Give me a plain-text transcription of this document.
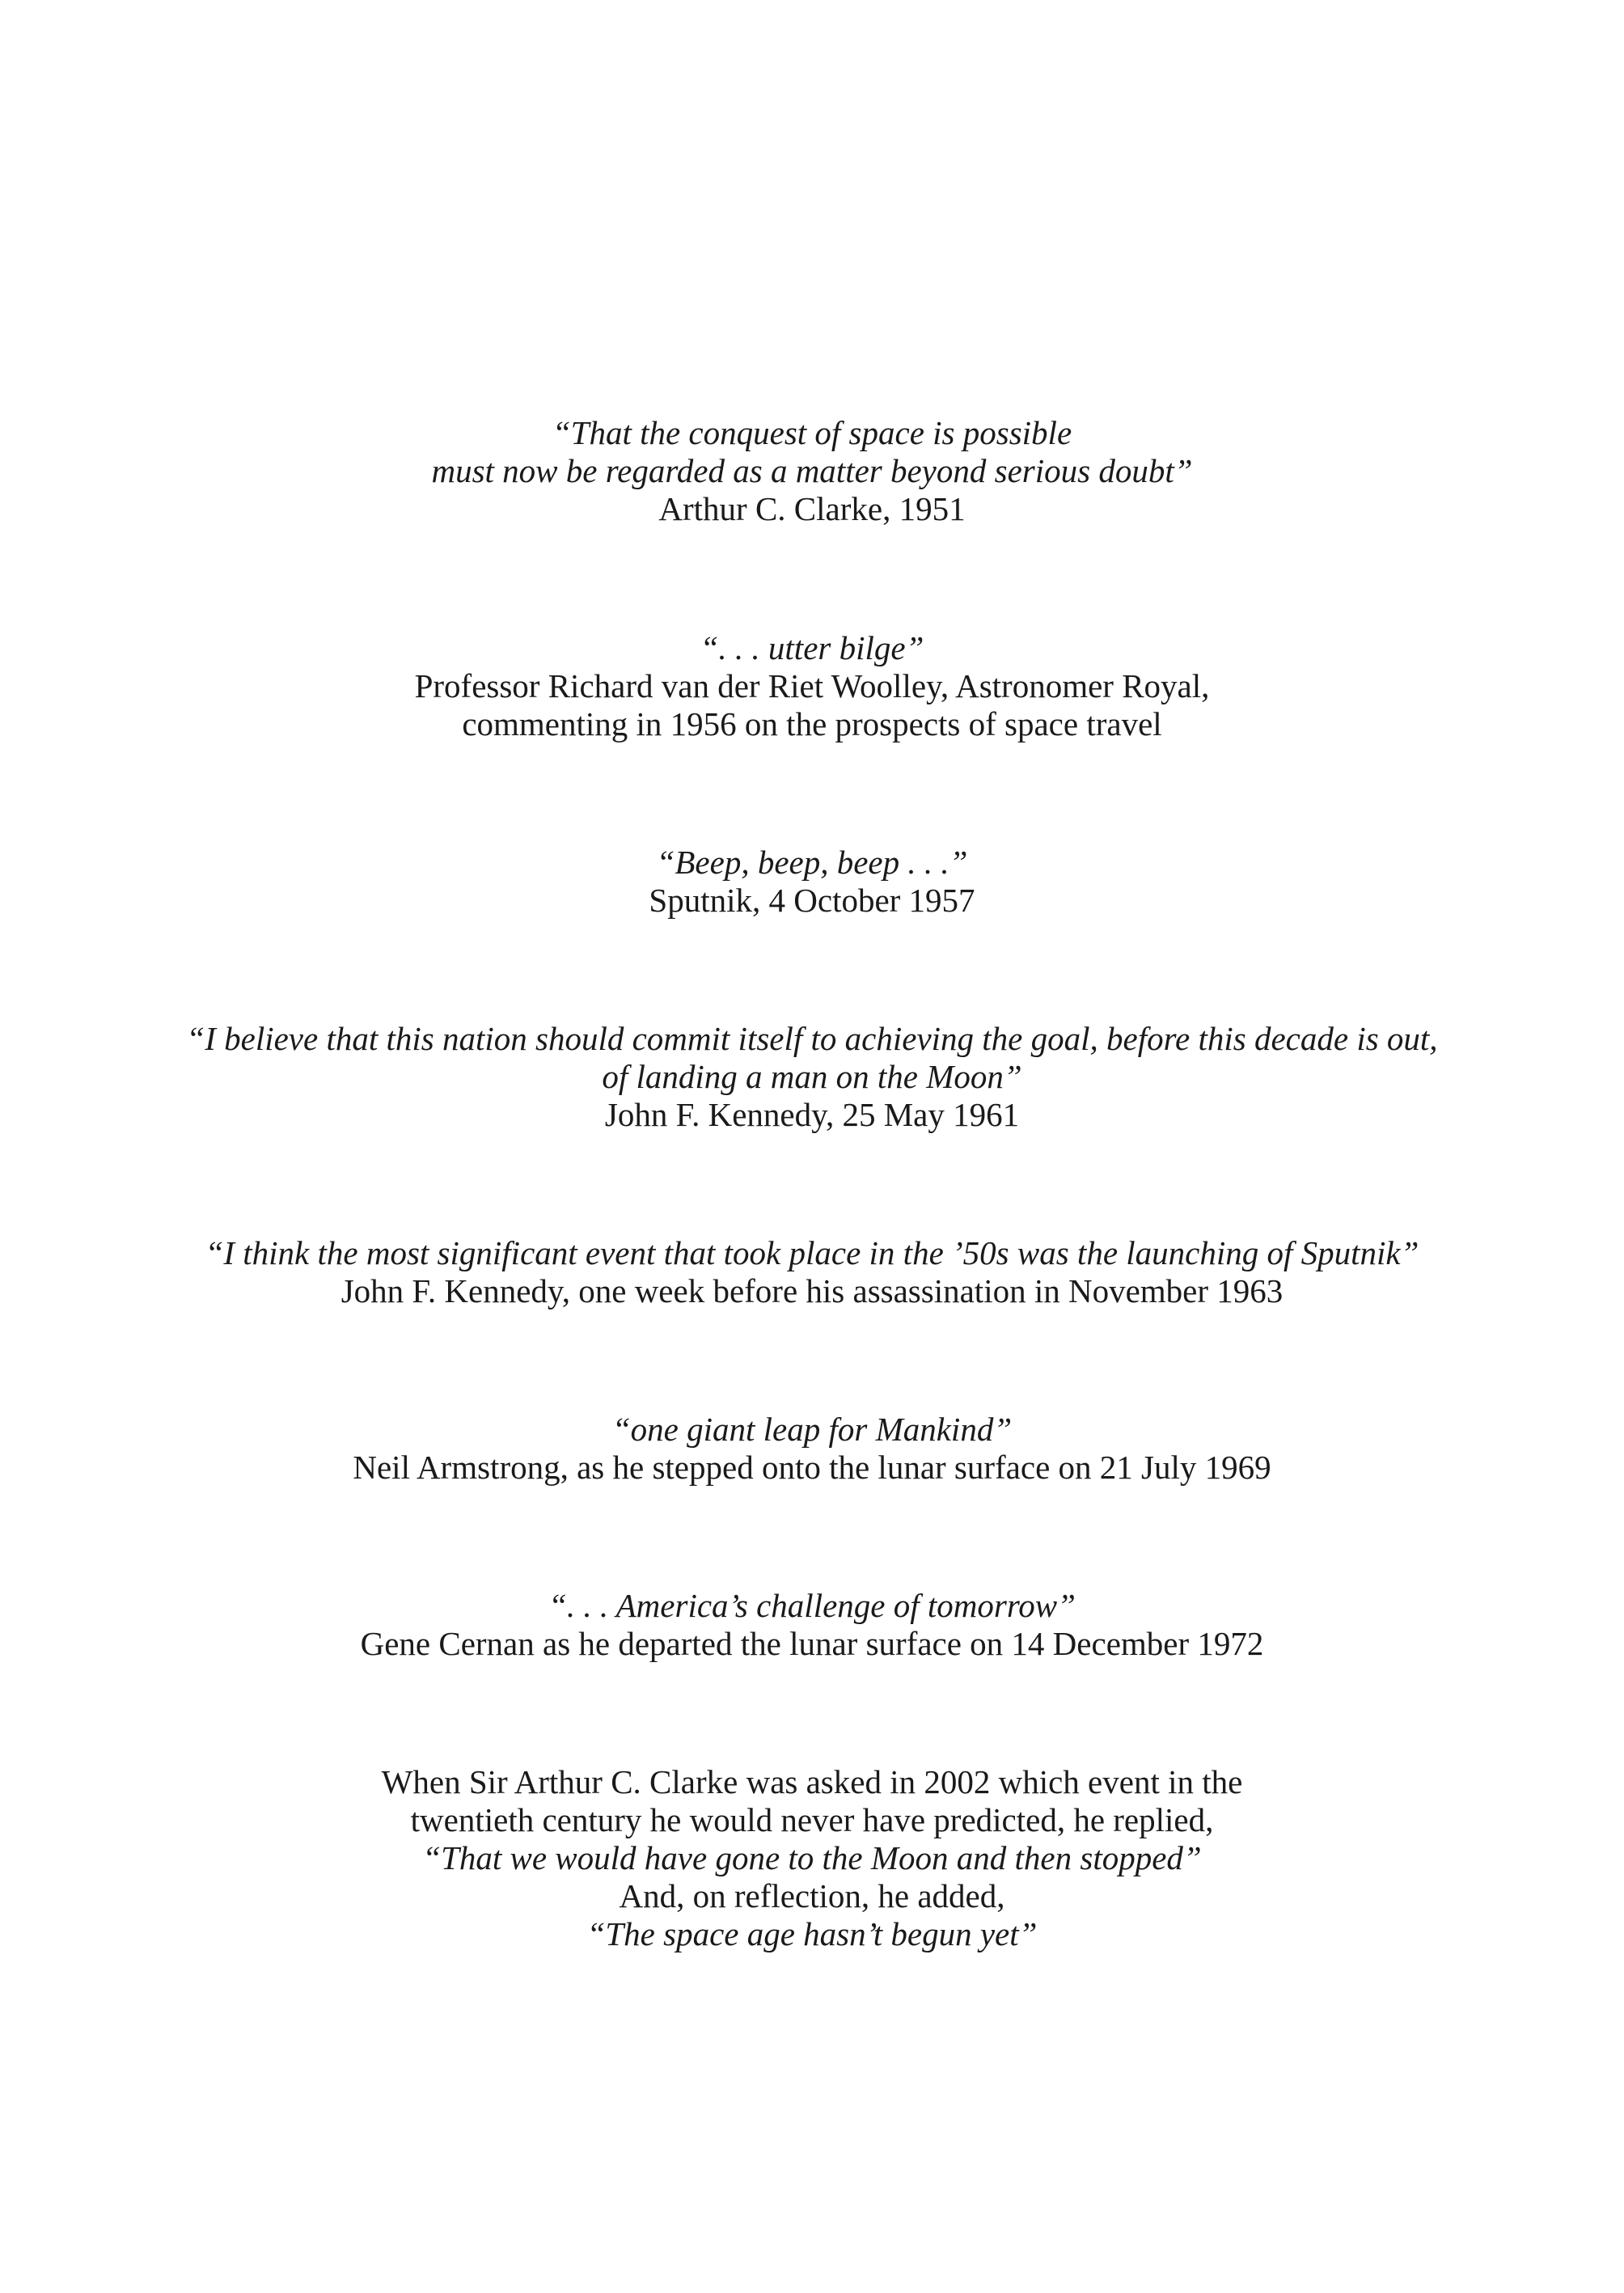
“That the conquest of space is possible
must now be regarded as a matter beyond serious doubt”
Arthur C. Clarke, 1951
“. . . utter bilge”
Professor Richard van der Riet Woolley, Astronomer Royal,
commenting in 1956 on the prospects of space travel
“Beep, beep, beep . . .”
Sputnik, 4 October 1957
“I believe that this nation should commit itself to achieving the goal, before this decade is out,
of landing a man on the Moon”
John F. Kennedy, 25 May 1961
“I think the most significant event that took place in the ’50s was the launching of Sputnik”
John F. Kennedy, one week before his assassination in November 1963
“one giant leap for Mankind”
Neil Armstrong, as he stepped onto the lunar surface on 21 July 1969
“. . . America’s challenge of tomorrow”
Gene Cernan as he departed the lunar surface on 14 December 1972
When Sir Arthur C. Clarke was asked in 2002 which event in the
twentieth century he would never have predicted, he replied,
“That we would have gone to the Moon and then stopped”
And, on reflection, he added,
“The space age hasn’t begun yet”
